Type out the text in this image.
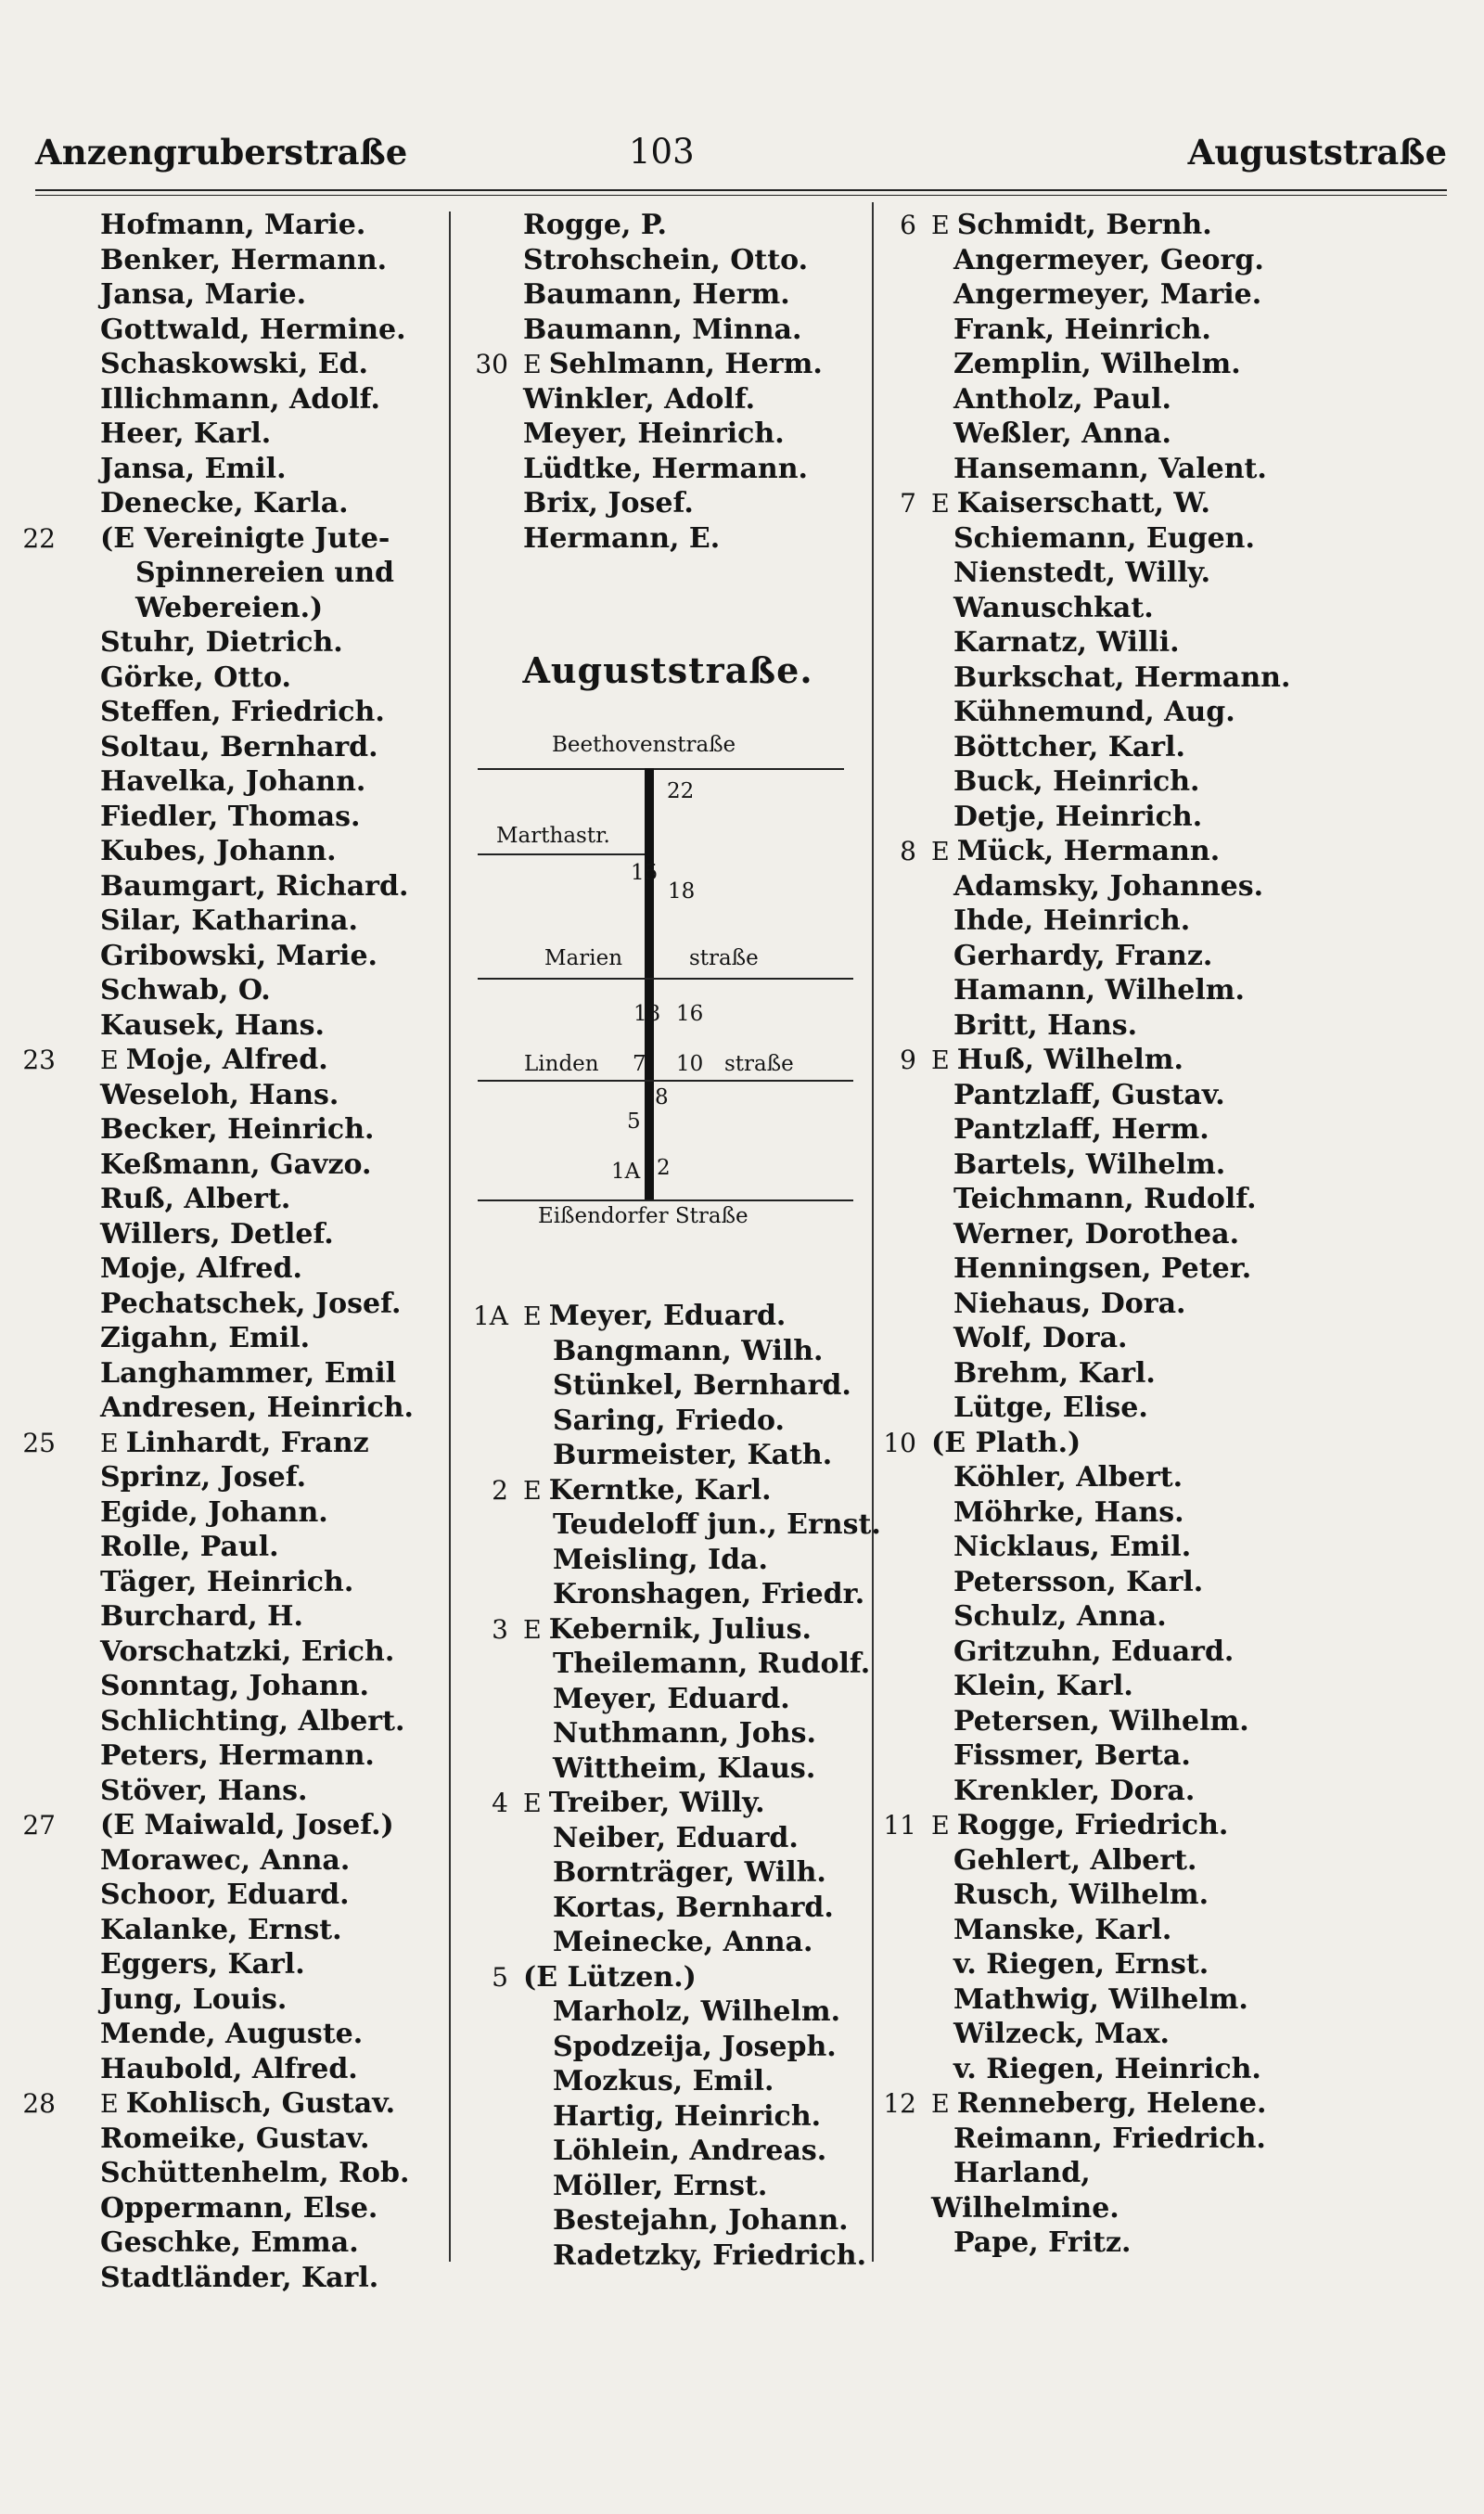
Anzengruberstraße	103	Auguststraße
Hofmann, Marie.
Benker, Hermann.
Jansa, Marie.
Gottwald, Hermine.
Schaskowski, Ed.
Illichmann, Adolf.
Heer, Karl.
Jansa, Emil.
Denecke, Karla.
22 (E Vereinigte Jute-
Spinnereien und
Webereien.)
Stuhr, Dietrich.
Görke, Otto.
Steffen, Friedrich.
Soltau, Bernhard.
Havelka, Johann.
Fiedler, Thomas.
Kubes, Johann.
Baumgart, Richard.
Silar, Katharina.
Gribowski, Marie.
Schwab, O.
Kausek, Hans.
23 E Moje, Alfred.
Weseloh, Hans.
Becker, Heinrich.
Keßmann, Gavzo.
Ruß, Albert.
Willers, Detlef.
Moje, Alfred.
Pechatschek, Josef.
Zigahn, Emil.
Langhammer, Emil
Andresen, Heinrich.
25 E Linhardt, Franz
Sprinz, Josef.
Egide, Johann.
Rolle, Paul.
Täger, Heinrich.
Burchard, H.
Vorschatzki, Erich.
Sonntag, Johann.
Schlichting, Albert.
Peters, Hermann.
Stöver, Hans.
27 (E Maiwald, Josef.)
Morawec, Anna.
Schoor, Eduard.
Kalanke, Ernst.
Eggers, Karl.
Jung, Louis.
Mende, Auguste.
Haubold, Alfred.
28 E Kohlisch, Gustav.
Romeike, Gustav.
Schüttenhelm, Rob.
Oppermann, Else.
Geschke, Emma.
Stadtländer, Karl.
Rogge, P.
Strohschein, Otto.
Baumann, Herm.
Baumann, Minna.
30 E Sehlmann, Herm.
Winkler, Adolf.
Meyer, Heinrich.
Lüdtke, Hermann.
Brix, Josef.
Hermann, E.
Auguststraße.
Beethovenstraße
22
Marthastr.
15
18
Marien	straße
13 16
Linden 7 10 straße
8
5
1A 2
Eißendorfer Straße
1A E Meyer, Eduard.
Bangmann, Wilh.
Stünkel, Bernhard.
Saring, Friedo.
Burmeister, Kath.
2 E Kerntke, Karl.
Teudeloff jun., Ernst.
Meisling, Ida.
Kronshagen, Friedr.
3 E Kebernik, Julius.
Theilemann, Rudolf.
Meyer, Eduard.
Nuthmann, Johs.
Wittheim, Klaus.
4 E Treiber, Willy.
Neiber, Eduard.
Bornträger, Wilh.
Kortas, Bernhard.
Meinecke, Anna.
5 (E Lützen.)
Marholz, Wilhelm.
Spodzeija, Joseph.
Mozkus, Emil.
Hartig, Heinrich.
Löhlein, Andreas.
Möller, Ernst.
Bestejahn, Johann.
Radetzky, Friedrich.
6 E Schmidt, Bernh.
Angermeyer, Georg.
Angermeyer, Marie.
Frank, Heinrich.
Zemplin, Wilhelm.
Antholz, Paul.
Weßler, Anna.
Hansemann, Valent.
7 E Kaiserschatt, W.
Schiemann, Eugen.
Nienstedt, Willy.
Wanuschkat.
Karnatz, Willi.
Burkschat, Hermann.
Kühnemund, Aug.
Böttcher, Karl.
Buck, Heinrich.
Detje, Heinrich.
8 E Mück, Hermann.
Adamsky, Johannes.
Ihde, Heinrich.
Gerhardy, Franz.
Hamann, Wilhelm.
Britt, Hans.
9 E Huß, Wilhelm.
Pantzlaff, Gustav.
Pantzlaff, Herm.
Bartels, Wilhelm.
Teichmann, Rudolf.
Werner, Dorothea.
Henningsen, Peter.
Niehaus, Dora.
Wolf, Dora.
Brehm, Karl.
Lütge, Elise.
10 (E Plath.)
Köhler, Albert.
Möhrke, Hans.
Nicklaus, Emil.
Petersson, Karl.
Schulz, Anna.
Gritzuhn, Eduard.
Klein, Karl.
Petersen, Wilhelm.
Fissmer, Berta.
Krenkler, Dora.
11 E Rogge, Friedrich.
Gehlert, Albert.
Rusch, Wilhelm.
Manske, Karl.
v. Riegen, Ernst.
Mathwig, Wilhelm.
Wilzeck, Max.
v. Riegen, Heinrich.
12 E Renneberg, Helene.
Reimann, Friedrich.
Harland,
Wilhelmine.
Pape, Fritz.
